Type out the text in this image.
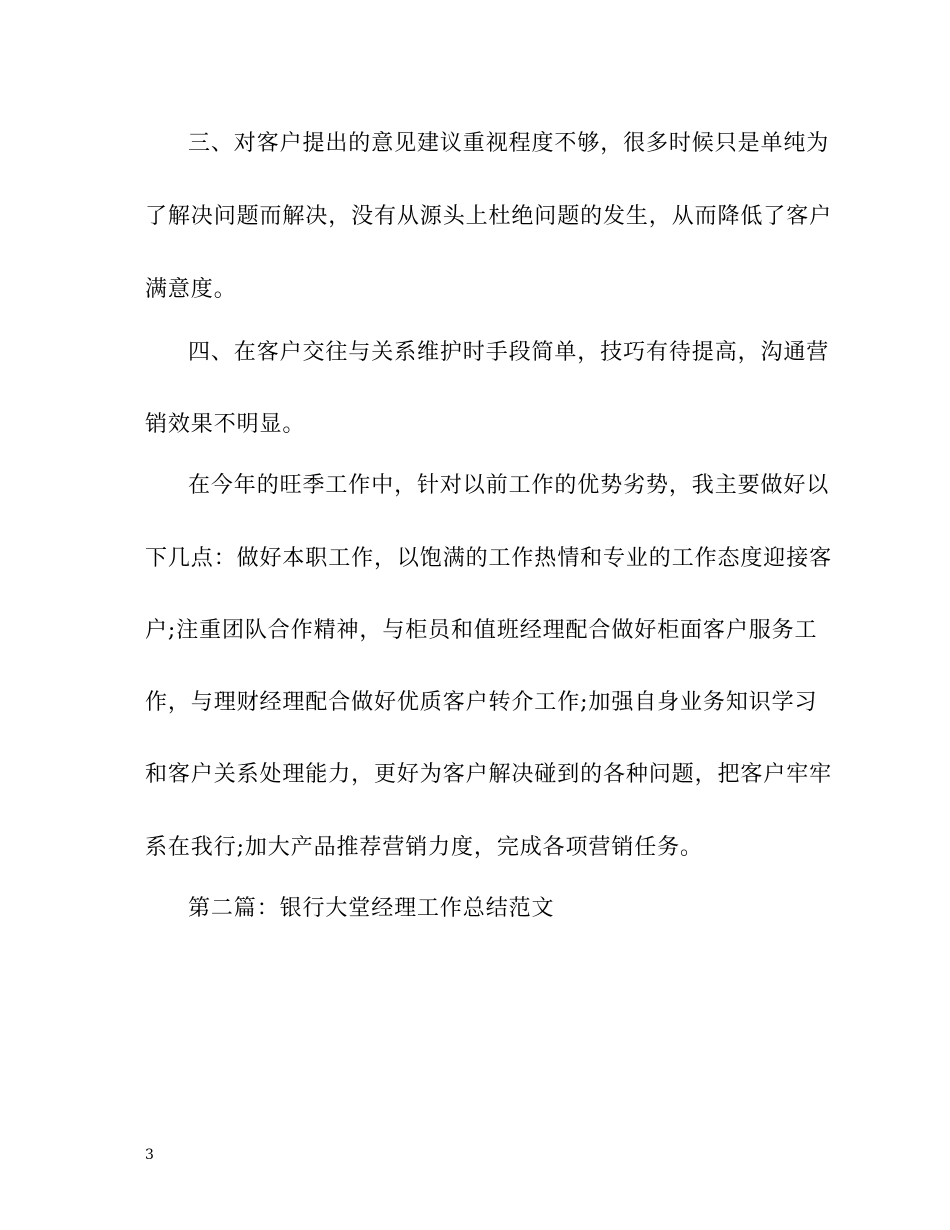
三、对客户提出的意见建议重视程度不够，很多时候只是单纯为
了解决问题而解决，没有从源头上杜绝问题的发生，从而降低了客户
满意度。
四、在客户交往与关系维护时手段简单，技巧有待提高，沟通营
销效果不明显。
在今年的旺季工作中，针对以前工作的优势劣势，我主要做好以
下几点：做好本职工作，以饱满的工作热情和专业的工作态度迎接客
户;注重团队合作精神，与柜员和值班经理配合做好柜面客户服务工
作，与理财经理配合做好优质客户转介工作;加强自身业务知识学习
和客户关系处理能力，更好为客户解决碰到的各种问题，把客户牢牢
系在我行;加大产品推荐营销力度，完成各项营销任务。
第二篇：银行大堂经理工作总结范文
3
